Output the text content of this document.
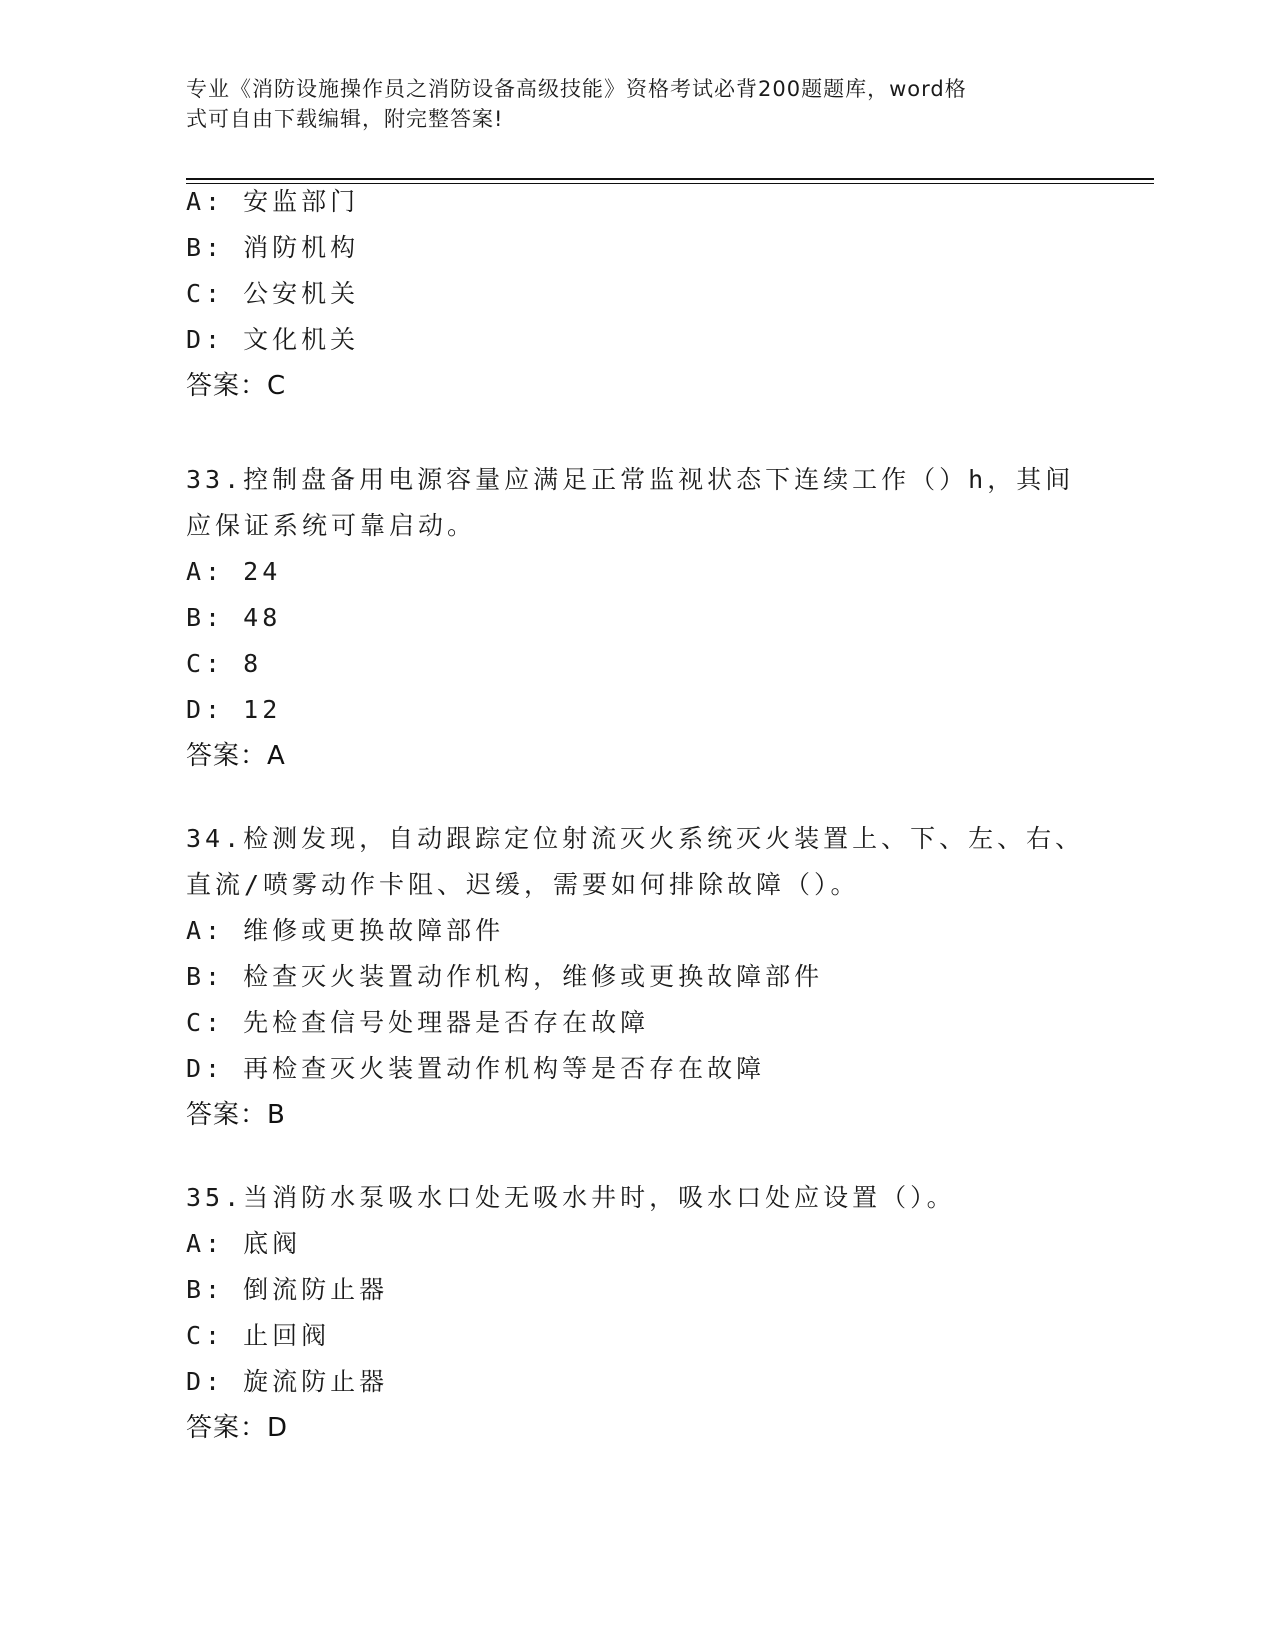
专业《消防设施操作员之消防设备高级技能》资格考试必背200题题库，word格
式可自由下载编辑，附完整答案!
A: 安监部门
B: 消防机构
C: 公安机关
D: 文化机关
答案：C
33.控制盘备用电源容量应满足正常监视状态下连续工作（）h，其间
应保证系统可靠启动。
A: 24
B: 48
C: 8
D: 12
答案：A
34.检测发现，自动跟踪定位射流灭火系统灭火装置上、下、左、右、
直流/喷雾动作卡阻、迟缓，需要如何排除故障（）。
A: 维修或更换故障部件
B: 检查灭火装置动作机构，维修或更换故障部件
C: 先检查信号处理器是否存在故障
D: 再检查灭火装置动作机构等是否存在故障
答案：B
35.当消防水泵吸水口处无吸水井时，吸水口处应设置（）。
A: 底阀
B: 倒流防止器
C: 止回阀
D: 旋流防止器
答案：D
